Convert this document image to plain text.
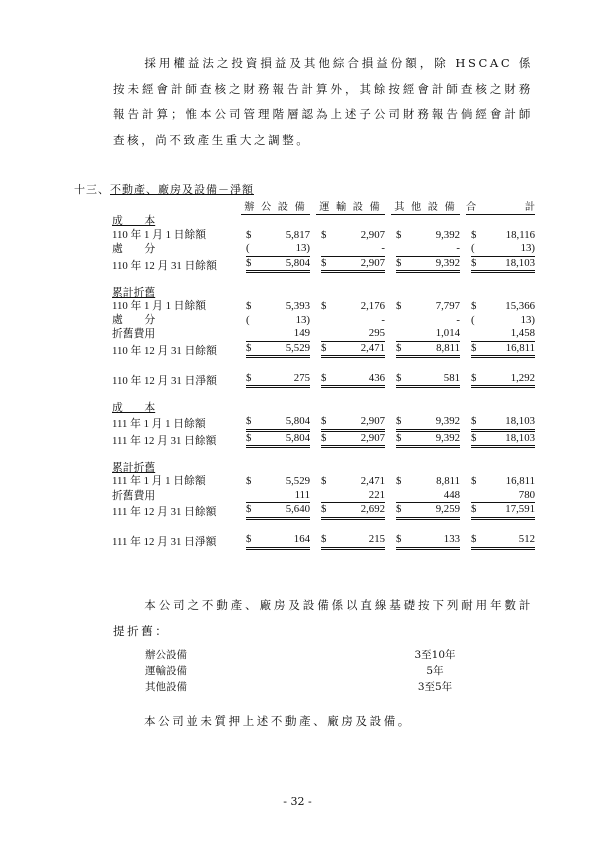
採用權益法之投資損益及其他綜合損益份額，除 HSCAC 係按未經會計師查核之財務報告計算外，其餘按經會計師查核之財務報告計算；惟本公司管理階層認為上述子公司財務報告倘經會計師查核，尚不致產生重大之調整。
十三、不動產、廠房及設備－淨額

	辦 公 設 備	運 輸 設 備	其 他 設 備	合 計

成　　本				
110 年 1 月 1 日餘額	$ 5,817	$ 2,907	$ 9,392	$ 18,116

處　　分	( 13)	-	-	( 13)

110 年 12 月 31 日餘額	$ 5,804	$ 2,907	$ 9,392	$ 18,103

累計折舊				
110 年 1 月 1 日餘額	$ 5,393	$ 2,176	$ 7,797	$ 15,366

處　　分	( 13)	-	-	( 13)

折舊費用	149	295	1,014	1,458

110 年 12 月 31 日餘額	$ 5,529	$ 2,471	$ 8,811	$ 16,811

110 年 12 月 31 日淨額	$ 275	$ 436	$ 581	$ 1,292

成　　本				
111 年 1 月 1 日餘額	$ 5,804	$ 2,907	$ 9,392	$ 18,103

111 年 12 月 31 日餘額	$ 5,804	$ 2,907	$ 9,392	$ 18,103

累計折舊				
111 年 1 月 1 日餘額	$ 5,529	$ 2,471	$ 8,811	$ 16,811

折舊費用	111	221	448	780

111 年 12 月 31 日餘額	$ 5,640	$ 2,692	$ 9,259	$ 17,591

111 年 12 月 31 日淨額	$ 164	$ 215	$ 133	$ 512
本公司之不動產、廠房及設備係以直線基礎按下列耐用年數計提折舊：
辦公設備	3至10年
運輸設備	5年
其他設備	3至5年
本公司並未質押上述不動產、廠房及設備。
- 32 -
